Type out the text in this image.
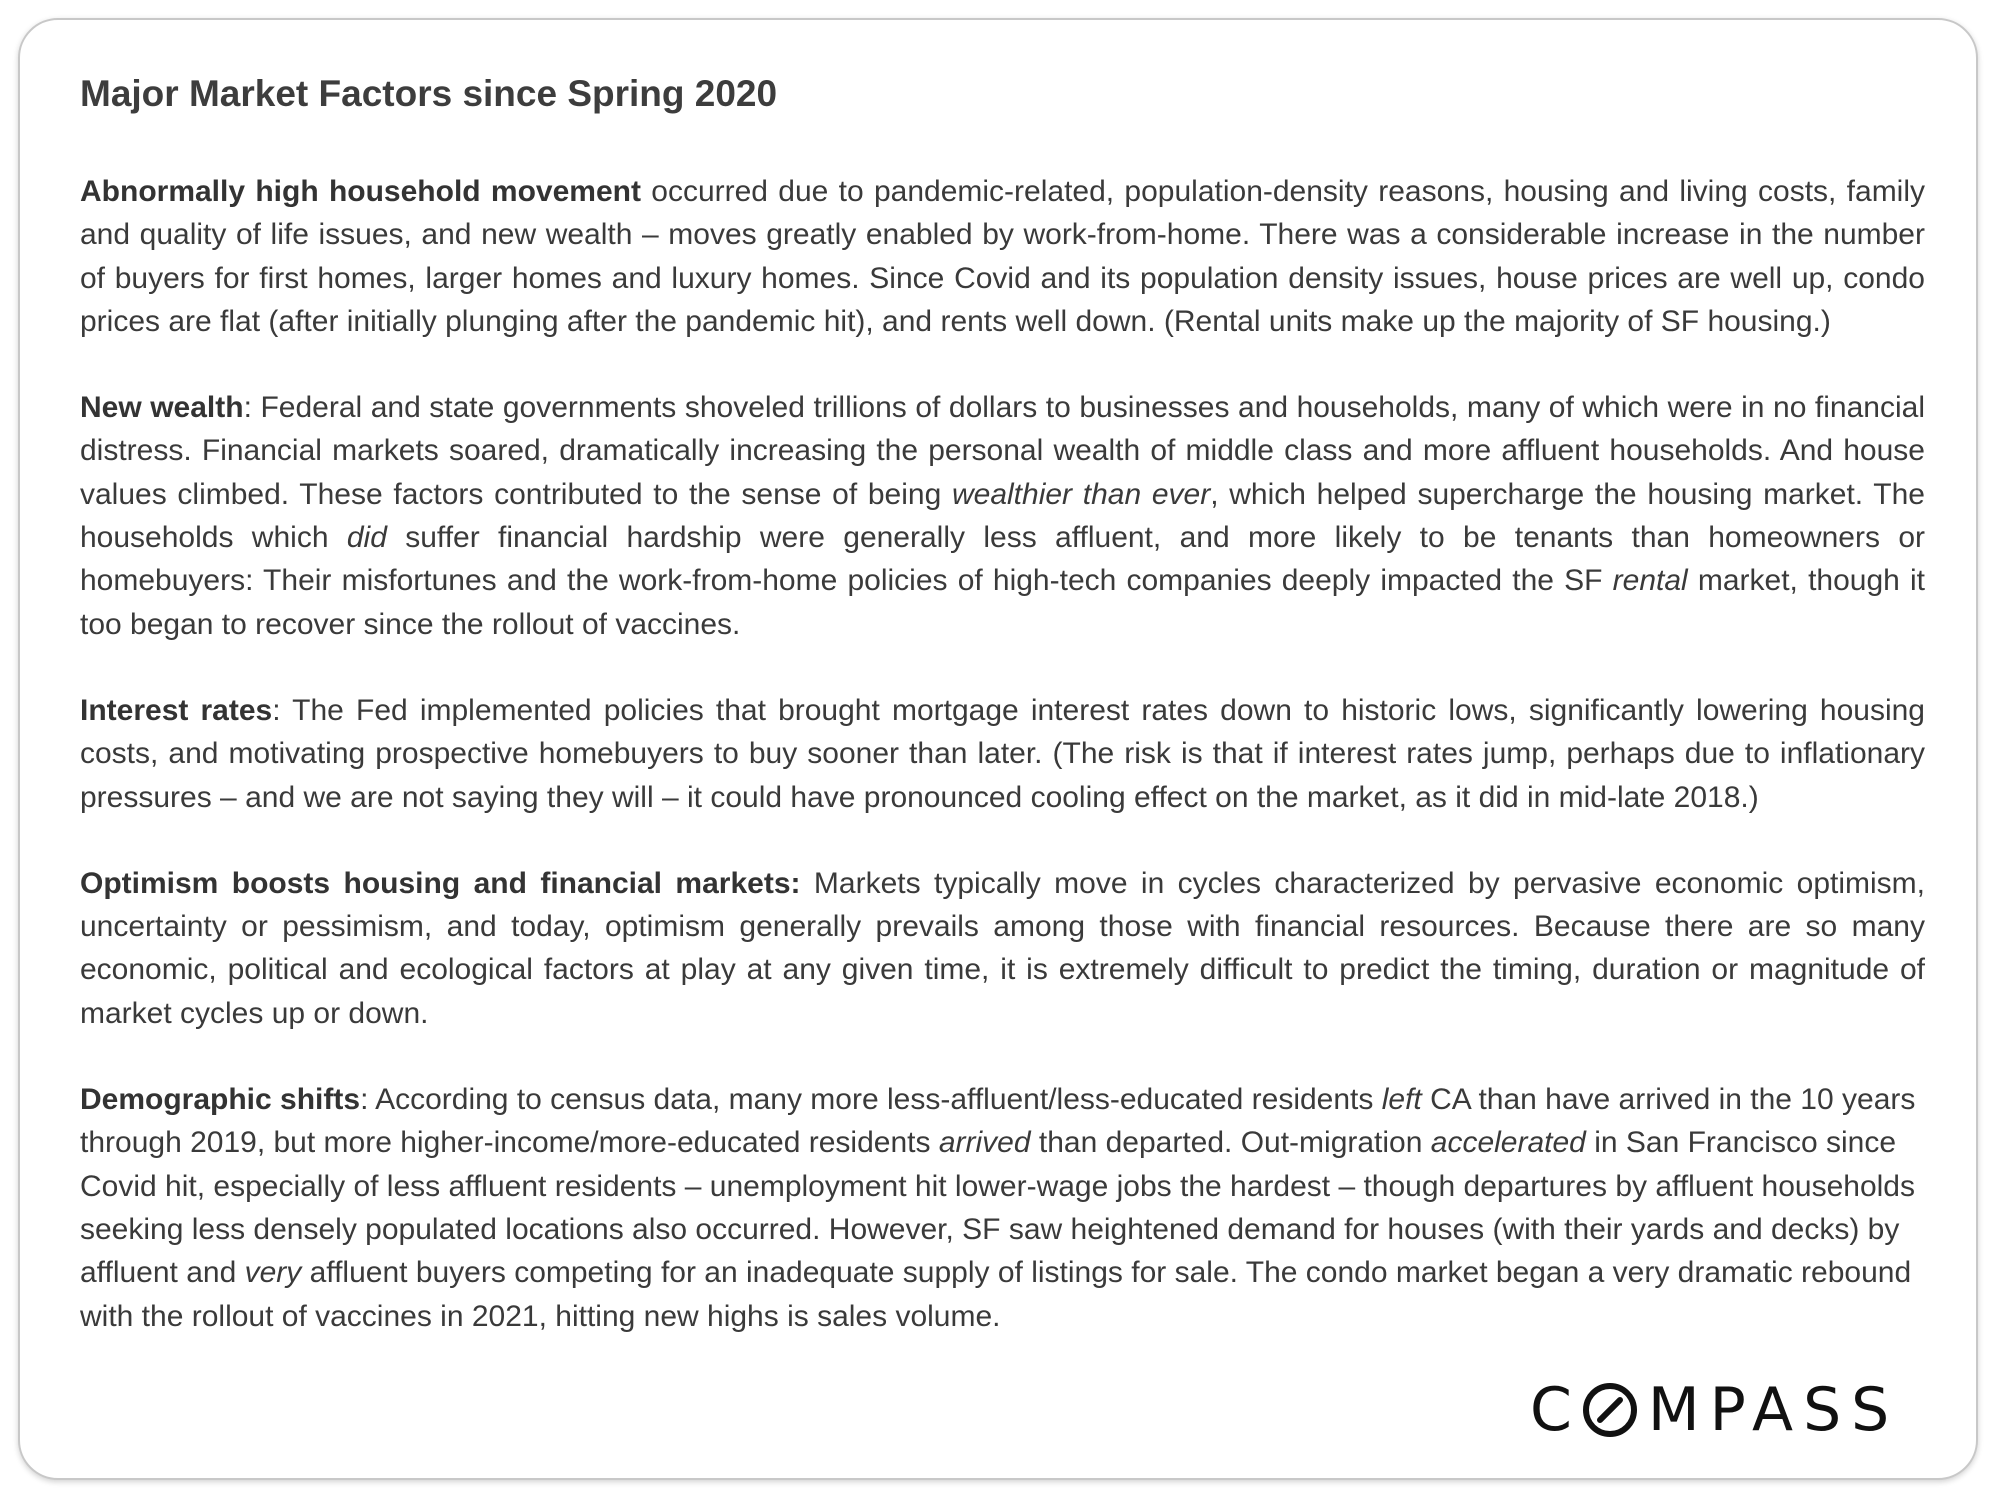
Major Market Factors since Spring 2020

Abnormally high household movement occurred due to pandemic-related, population-density reasons, housing and living costs, family and quality of life issues, and new wealth – moves greatly enabled by work-from-home. There was a considerable increase in the number of buyers for first homes, larger homes and luxury homes. Since Covid and its population density issues, house prices are well up, condo prices are flat (after initially plunging after the pandemic hit), and rents well down. (Rental units make up the majority of SF housing.)

New wealth: Federal and state governments shoveled trillions of dollars to businesses and households, many of which were in no financial distress. Financial markets soared, dramatically increasing the personal wealth of middle class and more affluent households. And house values climbed. These factors contributed to the sense of being wealthier than ever, which helped supercharge the housing market. The households which did suffer financial hardship were generally less affluent, and more likely to be tenants than homeowners or homebuyers: Their misfortunes and the work-from-home policies of high-tech companies deeply impacted the SF rental market, though it too began to recover since the rollout of vaccines.

Interest rates: The Fed implemented policies that brought mortgage interest rates down to historic lows, significantly lowering housing costs, and motivating prospective homebuyers to buy sooner than later. (The risk is that if interest rates jump, perhaps due to inflationary pressures – and we are not saying they will – it could have pronounced cooling effect on the market, as it did in mid-late 2018.)

Optimism boosts housing and financial markets: Markets typically move in cycles characterized by pervasive economic optimism, uncertainty or pessimism, and today, optimism generally prevails among those with financial resources. Because there are so many economic, political and ecological factors at play at any given time, it is extremely difficult to predict the timing, duration or magnitude of market cycles up or down.

Demographic shifts: According to census data, many more less-affluent/less-educated residents left CA than have arrived in the 10 years through 2019, but more higher-income/more-educated residents arrived than departed. Out-migration accelerated in San Francisco since Covid hit, especially of less affluent residents – unemployment hit lower-wage jobs the hardest – though departures by affluent households seeking less densely populated locations also occurred. However, SF saw heightened demand for houses (with their yards and decks) by affluent and very affluent buyers competing for an inadequate supply of listings for sale. The condo market began a very dramatic rebound with the rollout of vaccines in 2021, hitting new highs is sales volume.

C MPASS
